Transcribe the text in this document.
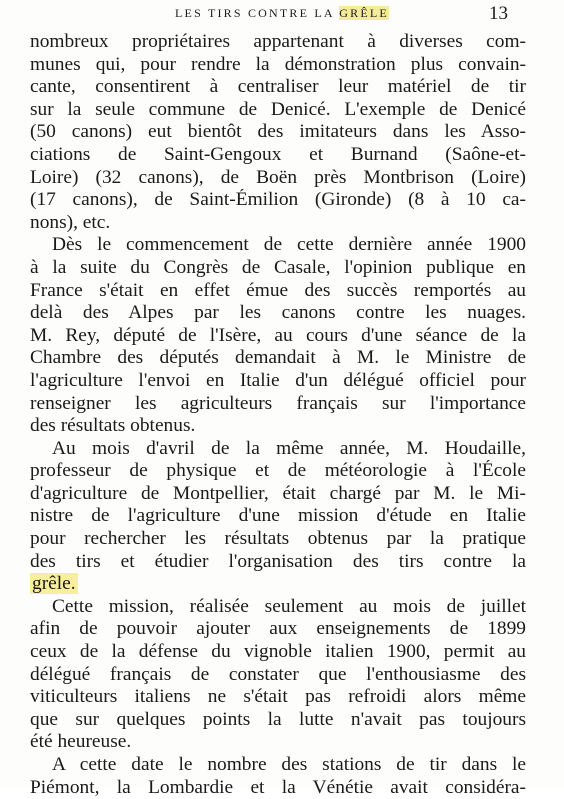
LES TIRS CONTRE LA GRÊLE	13
nombreux propriétaires appartenant à diverses com-
munes qui, pour rendre la démonstration plus convain-
cante, consentirent à centraliser leur matériel de tir
sur la seule commune de Denicé. L'exemple de Denicé
(50 canons) eut bientôt des imitateurs dans les Asso-
ciations de Saint-Gengoux et Burnand (Saône-et-
Loire) (32 canons), de Boën près Montbrison (Loire)
(17 canons), de Saint-Émilion (Gironde) (8 à 10 ca-
nons), etc.
Dès le commencement de cette dernière année 1900
à la suite du Congrès de Casale, l'opinion publique en
France s'était en effet émue des succès remportés au
delà des Alpes par les canons contre les nuages.
M. Rey, député de l'Isère, au cours d'une séance de la
Chambre des députés demandait à M. le Ministre de
l'agriculture l'envoi en Italie d'un délégué officiel pour
renseigner les agriculteurs français sur l'importance
des résultats obtenus.
Au mois d'avril de la même année, M. Houdaille,
professeur de physique et de météorologie à l'École
d'agriculture de Montpellier, était chargé par M. le Mi-
nistre de l'agriculture d'une mission d'étude en Italie
pour rechercher les résultats obtenus par la pratique
des tirs et étudier l'organisation des tirs contre la
grêle.
Cette mission, réalisée seulement au mois de juillet
afin de pouvoir ajouter aux enseignements de 1899
ceux de la défense du vignoble italien 1900, permit au
délégué français de constater que l'enthousiasme des
viticulteurs italiens ne s'était pas refroidi alors même
que sur quelques points la lutte n'avait pas toujours
été heureuse.
A cette date le nombre des stations de tir dans le
Piémont, la Lombardie et la Vénétie avait considéra-
